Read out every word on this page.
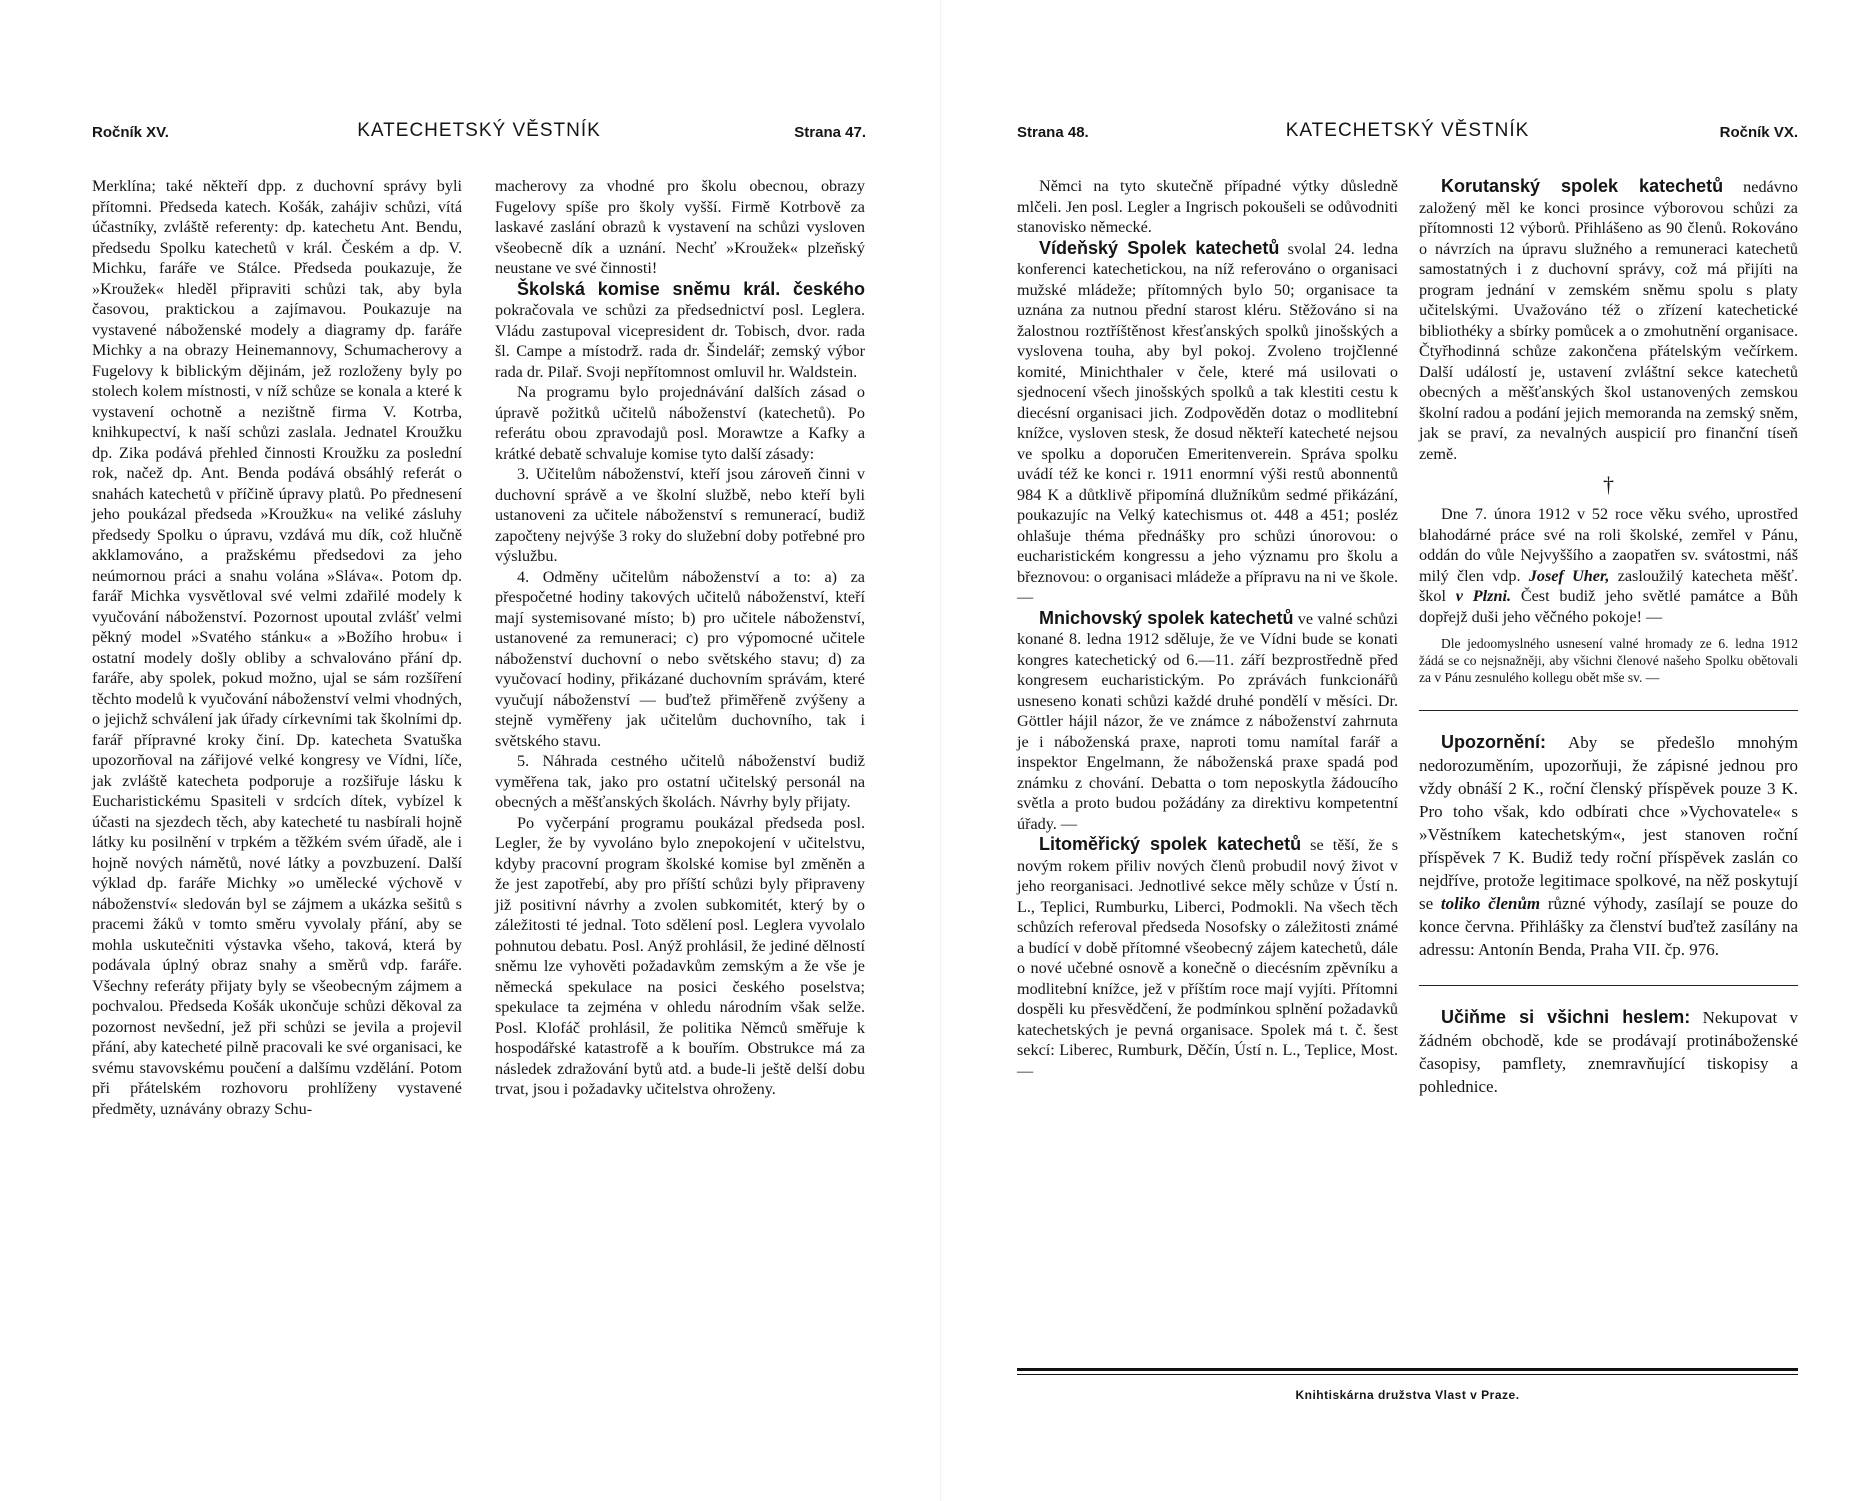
Ročník XV.	KATECHETSKÝ VĚSTNÍK	Strana 47.

Merklína; také někteří dpp. z duchovní správy byli přítomni. Předseda katech. Košák, zahájiv schůzi, vítá účastníky, zvláště referenty: dp. katechetu Ant. Bendu, předsedu Spolku katechetů v král. Českém a dp. V. Michku, faráře ve Stálce. Předseda poukazuje, že »Kroužek« hleděl připraviti schůzi tak, aby byla časovou, praktickou a zajímavou. Poukazuje na vystavené náboženské modely a diagramy dp. faráře Michky a na obrazy Heinemannovy, Schumacherovy a Fugelovy k biblickým dějinám, jež rozloženy byly po stolech kolem místnosti, v níž schůze se konala a které k vystavení ochotně a nezištně firma V. Kotrba, knihkupectví, k naší schůzi zaslala. Jednatel Kroužku dp. Zika podává přehled činnosti Kroužku za poslední rok, načež dp. Ant. Benda podává obsáhlý referát o snahách katechetů v příčině úpravy platů. Po přednesení jeho poukázal předseda »Kroužku« na veliké zásluhy předsedy Spolku o úpravu, vzdává mu dík, což hlučně akklamováno, a pražskému předsedovi za jeho neúmornou práci a snahu volána »Sláva«. Potom dp. farář Michka vysvětloval své velmi zdařilé modely k vyučování náboženství. Pozornost upoutal zvlášť velmi pěkný model »Svatého stánku« a »Božího hrobu« i ostatní modely došly obliby a schvalováno přání dp. faráře, aby spolek, pokud možno, ujal se sám rozšíření těchto modelů k vyučování náboženství velmi vhodných, o jejichž schválení jak úřady církevními tak školními dp. farář přípravné kroky činí. Dp. katecheta Svatuška upozorňoval na zářijové velké kongresy ve Vídni, líče, jak zvláště katecheta podporuje a rozšiřuje lásku k Eucharistickému Spasiteli v srdcích dítek, vybízel k účasti na sjezdech těch, aby katecheté tu nasbírali hojně látky ku posilnění v trpkém a těžkém svém úřadě, ale i hojně nových námětů, nové látky a povzbuzení. Další výklad dp. faráře Michky »o umělecké výchově v náboženství« sledován byl se zájmem a ukázka sešitů s pracemi žáků v tomto směru vyvolaly přání, aby se mohla uskutečniti výstavka všeho, taková, která by podávala úplný obraz snahy a směrů vdp. faráře. Všechny referáty přijaty byly se všeobecným zájmem a pochvalou. Předseda Košák ukončuje schůzi děkoval za pozornost nevšední, jež při schůzi se jevila a projevil přání, aby katecheté pilně pracovali ke své organisaci, ke svému stavovskému poučení a dalšímu vzdělání. Potom při přátelském rozhovoru prohlíženy vystavené předměty, uznávány obrazy Schu-

macherovy za vhodné pro školu obecnou, obrazy Fugelovy spíše pro školy vyšší. Firmě Kotrbově za laskavé zaslání obrazů k vystavení na schůzi vysloven všeobecně dík a uznání. Nechť »Kroužek« plzeňský neustane ve své činnosti!

Školská komise sněmu král. českého pokračovala ve schůzi za předsednictví posl. Leglera. Vládu zastupoval vicepresident dr. Tobisch, dvor. rada šl. Campe a místodrž. rada dr. Šindelář; zemský výbor rada dr. Pilař. Svoji nepřítomnost omluvil hr. Waldstein.

Na programu bylo projednávání dalších zásad o úpravě požitků učitelů náboženství (katechetů). Po referátu obou zpravodajů posl. Morawtze a Kafky a krátké debatě schvaluje komise tyto další zásady:

3. Učitelům náboženství, kteří jsou zároveň činni v duchovní správě a ve školní službě, nebo kteří byli ustanoveni za učitele náboženství s remunerací, budiž započteny nejvýše 3 roky do služební doby potřebné pro výslužbu.

4. Odměny učitelům náboženství a to: a) za přespočetné hodiny takových učitelů náboženství, kteří mají systemisované místo; b) pro učitele náboženství, ustanovené za remuneraci; c) pro výpomocné učitele náboženství duchovní o nebo světského stavu; d) za vyučovací hodiny, přikázané duchovním správám, které vyučují náboženství — buďtež přiměřeně zvýšeny a stejně vyměřeny jak učitelům duchovního, tak i světského stavu.

5. Náhrada cestného učitelů náboženství budiž vyměřena tak, jako pro ostatní učitelský personál na obecných a měšťanských školách. Návrhy byly přijaty.

Po vyčerpání programu poukázal předseda posl. Legler, že by vyvoláno bylo znepokojení v učitelstvu, kdyby pracovní program školské komise byl změněn a že jest zapotřebí, aby pro příští schůzi byly připraveny již positivní návrhy a zvolen subkomitét, který by o záležitosti té jednal. Toto sdělení posl. Leglera vyvolalo pohnutou debatu. Posl. Anýž prohlásil, že jediné dělností sněmu lze vyhověti požadavkům zemským a že vše je německá spekulace na posici českého poselstva; spekulace ta zejména v ohledu národním však selže. Posl. Klofáč prohlásil, že politika Němců směřuje k hospodářské katastrofě a k bouřím. Obstrukce má za následek zdražování bytů atd. a bude-li ještě delší dobu trvat, jsou i požadavky učitelstva ohroženy.

Strana 48.	KATECHETSKÝ VĚSTNÍK	Ročník VX.

Němci na tyto skutečně případné výtky důsledně mlčeli. Jen posl. Legler a Ingrisch pokoušeli se odůvodniti stanovisko německé.

Vídeňský Spolek katechetů svolal 24. ledna konferenci katechetickou, na níž referováno o organisaci mužské mládeže; přítomných bylo 50; organisace ta uznána za nutnou přední starost kléru. Stěžováno si na žalostnou roztříštěnost křesťanských spolků jinošských a vyslovena touha, aby byl pokoj. Zvoleno trojčlenné komité, Minichthaler v čele, které má usilovati o sjednocení všech jinošských spolků a tak klestiti cestu k diecésní organisaci jich. Zodpověděn dotaz o modlitební knížce, vysloven stesk, že dosud někteří katecheté nejsou ve spolku a doporučen Emeritenverein. Správa spolku uvádí též ke konci r. 1911 enormní výši restů abonnentů 984 K a důtklivě připomíná dlužníkům sedmé přikázání, poukazujíc na Velký katechismus ot. 448 a 451; posléz ohlašuje théma přednášky pro schůzi únorovou: o eucharistickém kongressu a jeho významu pro školu a březnovou: o organisaci mládeže a přípravu na ni ve škole. —

Mnichovský spolek katechetů ve valné schůzi konané 8. ledna 1912 sděluje, že ve Vídni bude se konati kongres katechetický od 6.—11. září bezprostředně před kongresem eucharistickým. Po zprávách funkcionářů usneseno konati schůzi každé druhé pondělí v měsíci. Dr. Göttler hájil názor, že ve známce z náboženství zahrnuta je i náboženská praxe, naproti tomu namítal farář a inspektor Engelmann, že náboženská praxe spadá pod známku z chování. Debatta o tom neposkytla žádoucího světla a proto budou požádány za direktivu kompetentní úřady. —

Litoměřický spolek katechetů se těší, že s novým rokem přiliv nových členů probudil nový život v jeho reorganisaci. Jednotlivé sekce měly schůze v Ústí n. L., Teplici, Rumburku, Liberci, Podmokli. Na všech těch schůzích referoval předseda Nosofsky o záležitosti známé a budící v době přítomné všeobecný zájem katechetů, dále o nové učebné osnově a konečně o diecésním zpěvníku a modlitební knížce, jež v příštím roce mají vyjíti. Přítomni dospěli ku přesvědčení, že podmínkou splnění požadavků katechetských je pevná organisace. Spolek má t. č. šest sekcí: Liberec, Rumburk, Děčín, Ústí n. L., Teplice, Most. —

Korutanský spolek katechetů nedávno založený měl ke konci prosince výborovou schůzi za přítomnosti 12 výborů. Přihlášeno as 90 členů. Rokováno o návrzích na úpravu služného a remuneraci katechetů samostatných i z duchovní správy, což má přijíti na program jednání v zemském sněmu spolu s platy učitelskými. Uvažováno též o zřízení katechetické bibliothéky a sbírky pomůcek a o zmohutnění organisace. Čtyřhodinná schůze zakončena přátelským večírkem. Další událostí je, ustavení zvláštní sekce katechetů obecných a měšťanských škol ustanovených zemskou školní radou a podání jejich memoranda na zemský sněm, jak se praví, za nevalných auspicií pro finanční tíseň země.

†

Dne 7. února 1912 v 52 roce věku svého, uprostřed blahodárné práce své na roli školské, zemřel v Pánu, oddán do vůle Nejvyššího a zaopatřen sv. svátostmi, náš milý člen vdp. Josef Uher, zasloužilý katecheta měšť. škol v Plzni. Čest budiž jeho světlé památce a Bůh dopřejž duši jeho věčného pokoje! —

Dle jedoomyslného usnesení valné hromady ze 6. ledna 1912 žádá se co nejsnažněji, aby všichni členové našeho Spolku obětovali za v Pánu zesnulého kollegu obět mše sv. —

Upozornění: Aby se předešlo mnohým nedorozuměním, upozorňuji, že zápisné jednou pro vždy obnáší 2 K., roční členský příspěvek pouze 3 K. Pro toho však, kdo odbírati chce »Vychovatele« s »Věstníkem katechetským«, jest stanoven roční příspěvek 7 K. Budiž tedy roční příspěvek zaslán co nejdříve, protože legitimace spolkové, na něž poskytují se toliko členům různé výhody, zasílají se pouze do konce června. Přihlášky za členství buďtež zasílány na adressu: Antonín Benda, Praha VII. čp. 976.

Učiňme si všichni heslem: Nekupovat v žádném obchodě, kde se prodávají protináboženské časopisy, pamflety, znemravňující tiskopisy a pohlednice.

Knihtiskárna družstva Vlast v Praze.
